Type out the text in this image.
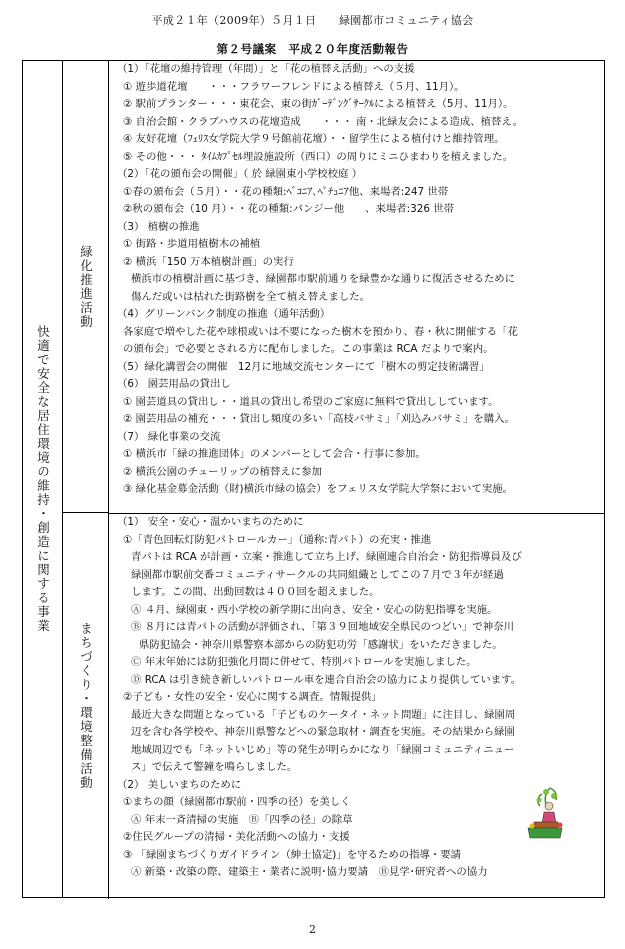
平成２１年（2009年）５月１日　　緑園都市コミュニティ協会
第２号議案　平成２０年度活動報告
快適で安全な居住環境の維持・創造に関する事業
緑化推進活動
まちづくり・環境整備活動
（1）「花壇の維持管理（年間）」と「花の植替え活動」への支援
① 遊歩道花壇　　・・・フラワーフレンドによる植替え（５月、11月）。
② 駅前プランター・・・東花会、東の街ｶﾞｰﾃﾞﾝｸﾞｻｰｸﾙによる植替え（5月、11月）。
③ 自治会館・クラブハウスの花壇造成　　・・・ 南・北緑友会による造成、植替え。
④ 友好花壇（ﾌｪﾘｽ女学院大学９号館前花壇）・・留学生による植付けと維持管理。
⑤ その他・・・ ﾀｲﾑｶﾌﾟｾﾙ埋設施設所（西口）の周りにミニひまわりを植えました。
（2）「花の頒布会の開催」（ 於 緑園東小学校校庭 ）
①春の頒布会（５月）・・花の種類:ﾍﾞｺﾆｱ､ﾍﾟﾁｭﾆｱ他、来場者:247 世帯
②秋の頒布会（10 月）・・花の種類:パンジー他　　、来場者:326 世帯
（3） 植樹の推進
① 街路・歩道用植樹木の補植
② 横浜「150 万本植樹計画」の実行
横浜市の植樹計画に基づき、緑園都市駅前通りを緑豊かな通りに復活させるために
傷んだ或いは枯れた街路樹を全て植え替えました。
（4）グリーンバンク制度の推進（通年活動）
各家庭で増やした花や球根或いは不要になった樹木を預かり、春・秋に開催する「花
の頒布会」で必要とされる方に配布しました。この事業は RCA だよりで案内。
（5）緑化講習会の開催　12月に地域交流センターにて「樹木の剪定技術講習」
（6） 園芸用品の貸出し
① 園芸道具の貸出し・・道具の貸出し希望のご家庭に無料で貸出ししています。
② 園芸用品の補充・・・貸出し頻度の多い「高枝バサミ」「刈込みバサミ」を購入。
（7） 緑化事業の交流
① 横浜市「緑の推進団体」のメンバーとして会合・行事に参加。
② 横浜公園のチューリップの植替えに参加
③ 緑化基金募金活動（財)横浜市緑の協会）をフェリス女学院大学祭において実施。
（1） 安全・安心・温かいまちのために
①「青色回転灯防犯パトロールカー」（通称:青パト）の充実・推進
青パトは RCA が計画・立案・推進して立ち上げ、緑園連合自治会・防犯指導員及び
緑園都市駅前交番コミュニティサークルの共同組織としてこの７月で３年が経過
します。この間、出動回数は４００回を超えました。
Ⓐ ４月、緑園東・西小学校の新学期に出向き、安全・安心の防犯指導を実施。
Ⓑ ８月には青パトの活動が評価され、「第３９回地域安全県民のつどい」で神奈川
県防犯協会・神奈川県警察本部からの防犯功労「感謝状」をいただきました。
Ⓒ 年末年始には防犯強化月間に併せて、特別パトロールを実施しました。
Ⓓ RCA は引き続き新しいパトロール車を連合自治会の協力により提供しています。
②子ども・女性の安全・安心に関する調査。情報提供」
最近大きな問題となっている「子どものケータイ・ネット問題」に注目し、緑園周
辺を含む各学校や、神奈川県警などへの緊急取材・調査を実施。その結果から緑園
地域周辺でも「ネットいじめ」等の発生が明らかになり「緑園コミュニティニュー
ス」で伝えて警鐘を鳴らしました。
（2） 美しいまちのために
①まちの顔（緑園都市駅前・四季の径）を美しく
Ⓐ 年末一斉清掃の実施　Ⓑ「四季の径」の除草
②住民グループの清掃・美化活動への協力・支援
③ 「緑園まちづくりガイドライン（紳士協定)」を守るための指導・要請
Ⓐ 新築・改築の際、建築主・業者に説明･協力要請　Ⓑ見学･研究者への協力
2
